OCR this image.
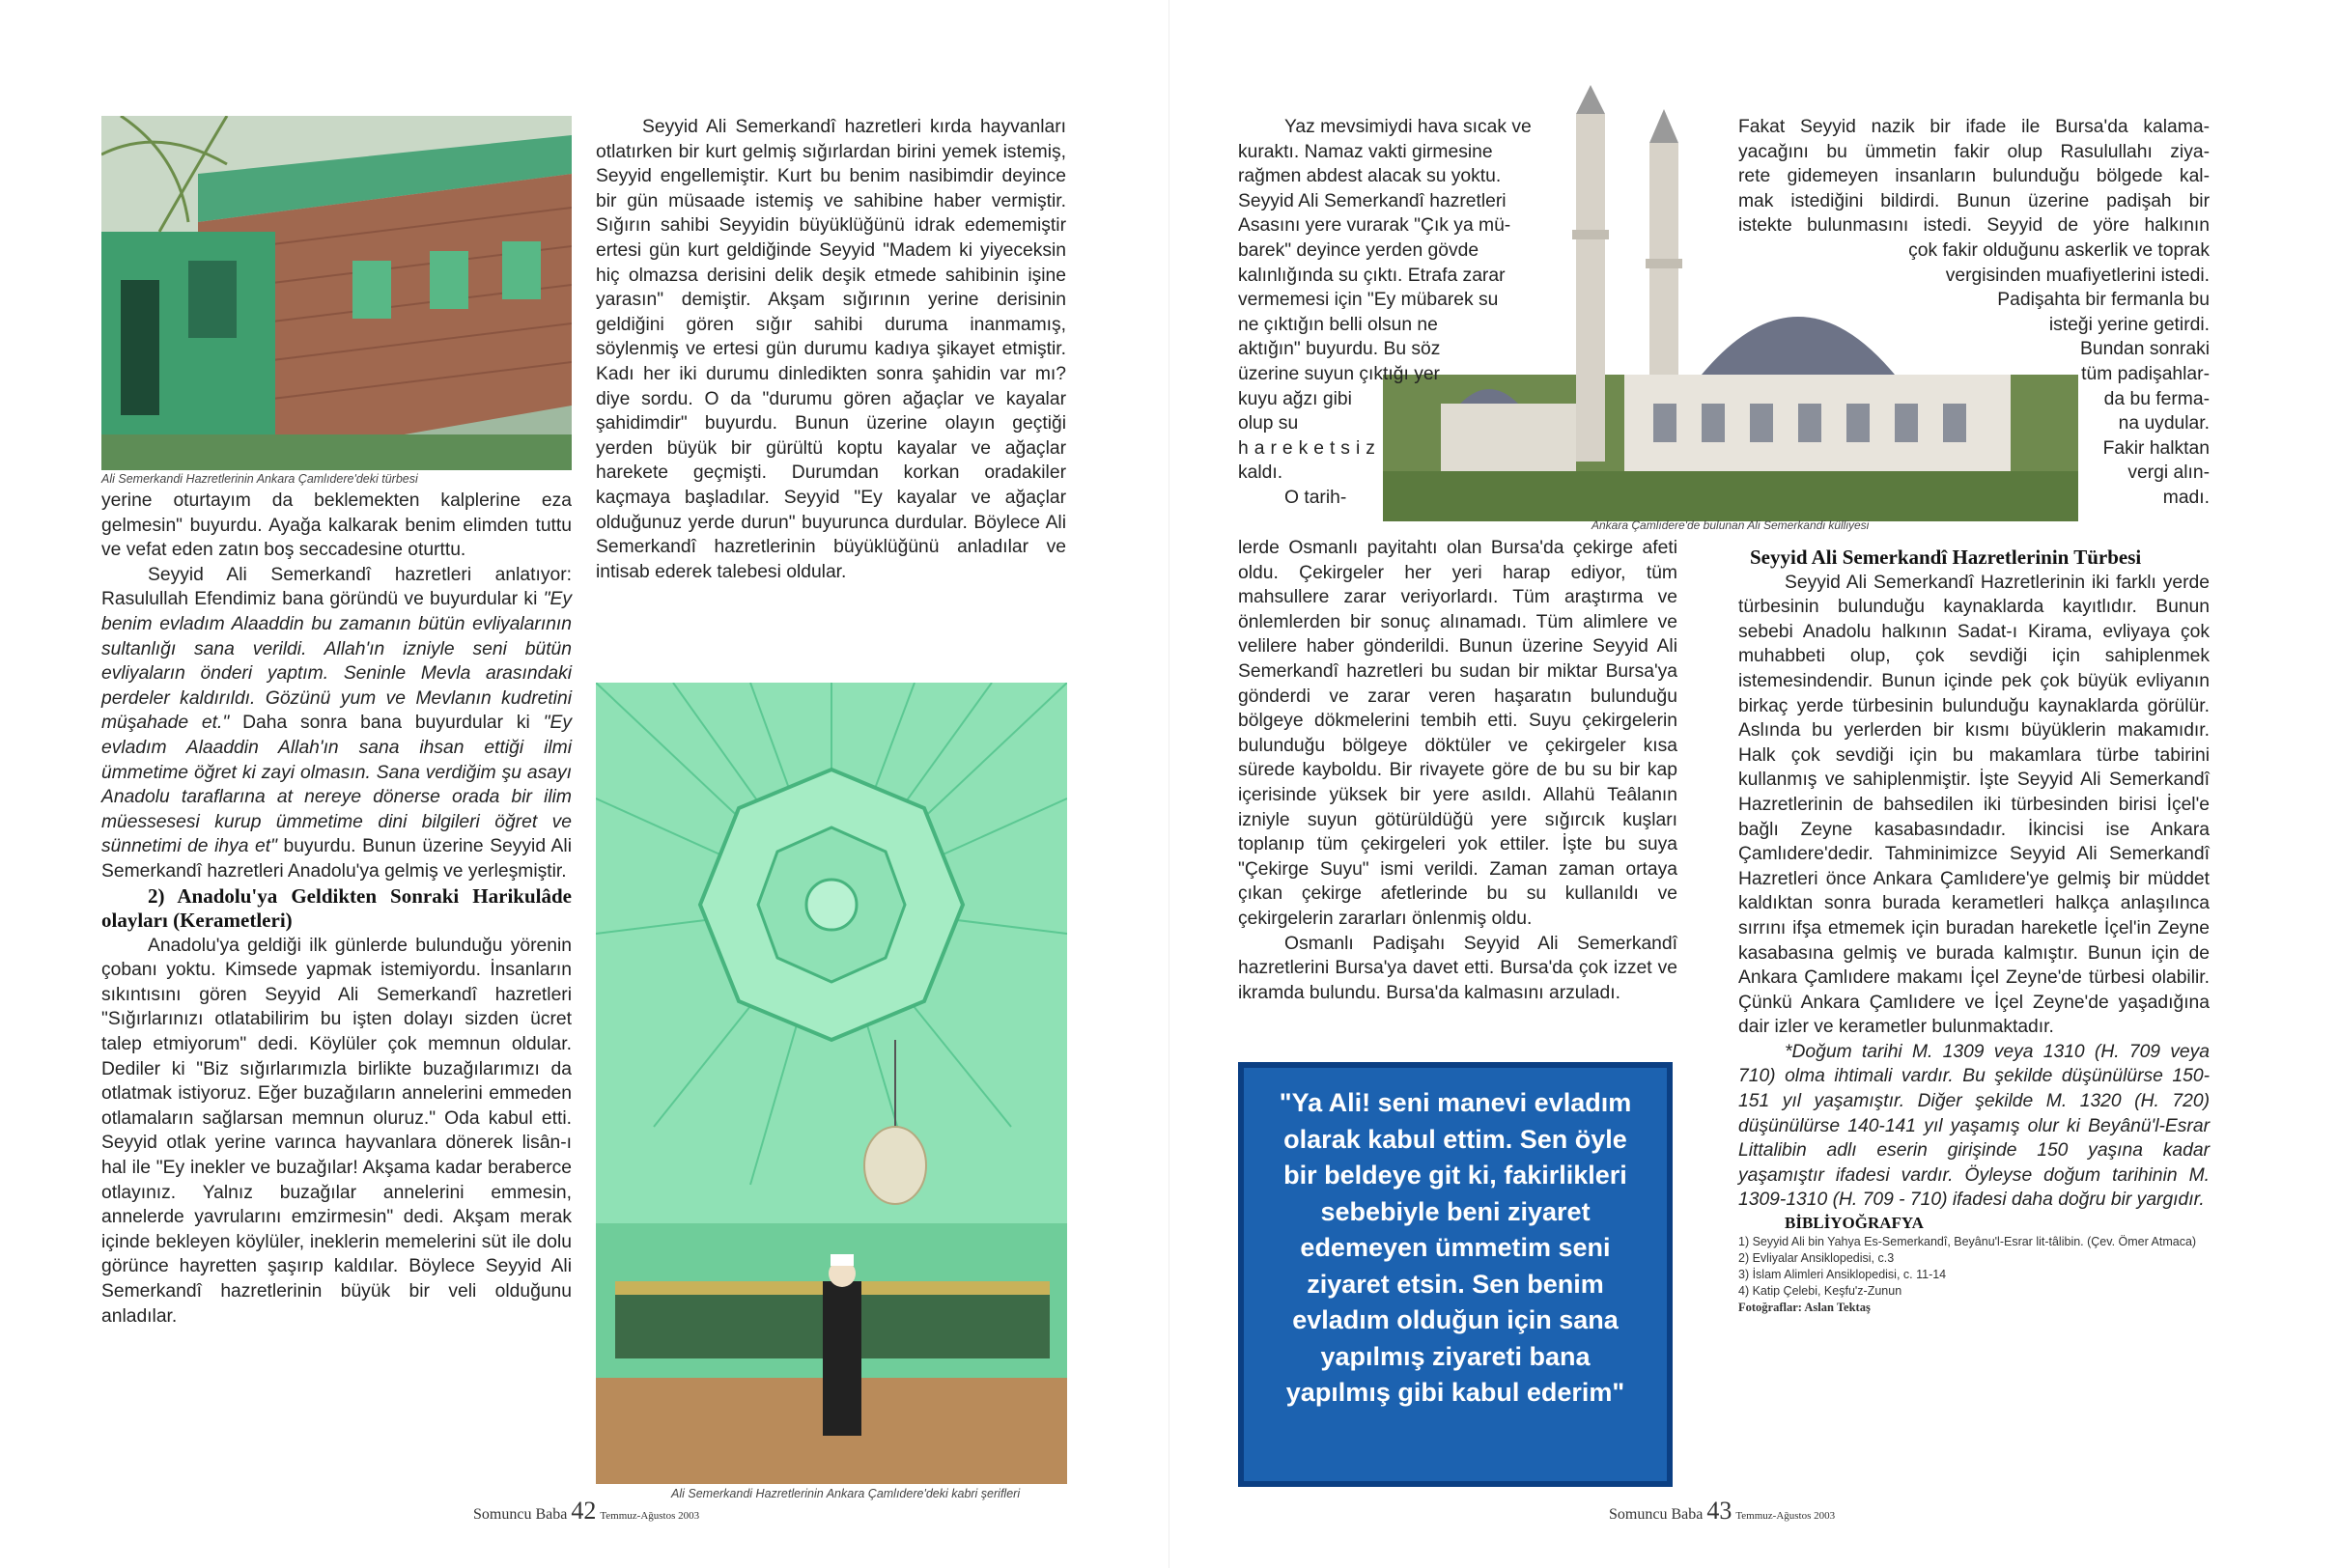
Ali Semerkandi Hazretlerinin Ankara Çamlıdere'deki türbesi

yerine oturtayım da beklemekten kalplerine eza gelmesin" buyurdu. Ayağa kalkarak benim elimden tuttu ve vefat eden zatın boş seccadesine oturttu.

Seyyid Ali Semerkandî hazretleri anlatıyor: Rasulullah Efendimiz bana göründü ve buyurdular ki "Ey benim evladım Alaaddin bu zamanın bütün evliyalarının sultanlığı sana verildi. Allah'ın izniyle seni bütün evliyaların önderi yaptım. Seninle Mevla arasındaki perdeler kaldırıldı. Gözünü yum ve Mevlanın kudretini müşahade et." Daha sonra bana buyurdular ki "Ey evladım Alaaddin Allah'ın sana ihsan ettiği ilmi ümmetime öğret ki zayi olmasın. Sana verdiğim şu asayı Anadolu taraflarına at nereye dönerse orada bir ilim müessesesi kurup ümmetime dini bilgileri öğret ve sünnetimi de ihya et" buyurdu. Bunun üzerine Seyyid Ali Semerkandî hazretleri Anadolu'ya gelmiş ve yerleşmiştir.

2) Anadolu'ya Geldikten Sonraki Harikulâde olayları (Kerametleri)

Anadolu'ya geldiği ilk günlerde bulunduğu yörenin çobanı yoktu. Kimsede yapmak istemiyordu. İnsanların sıkıntısını gören Seyyid Ali Semerkandî hazretleri "Sığırlarınızı otlatabilirim bu işten dolayı sizden ücret talep etmiyorum" dedi. Köylüler çok memnun oldular. Dediler ki "Biz sığırlarımızla birlikte buzağılarımızı da otlatmak istiyoruz. Eğer buzağıların annelerini emmeden otlamaların sağlarsan memnun oluruz." Oda kabul etti. Seyyid otlak yerine varınca hayvanlara dönerek lisân-ı hal ile "Ey inekler ve buzağılar! Akşama kadar beraberce otlayınız. Yalnız buzağılar annelerini emmesin, annelerde yavrularını emzirmesin" dedi. Akşam merak içinde bekleyen köylüler, ineklerin memelerini süt ile dolu görünce hayretten şaşırıp kaldılar. Böylece Seyyid Ali Semerkandî hazretlerinin büyük bir veli olduğunu anladılar.

Seyyid Ali Semerkandî hazretleri kırda hayvanları otlatırken bir kurt gelmiş sığırlardan birini yemek istemiş, Seyyid engellemiştir. Kurt bu benim nasibimdir deyince bir gün müsaade istemiş ve sahibine haber vermiştir. Sığırın sahibi Seyyidin büyüklüğünü idrak edememiştir ertesi gün kurt geldiğinde Seyyid "Madem ki yiyeceksin hiç olmazsa derisini delik deşik etmede sahibinin işine yarasın" demiştir. Akşam sığırının yerine derisinin geldiğini gören sığır sahibi duruma inanmamış, söylenmiş ve ertesi gün durumu kadıya şikayet etmiştir. Kadı her iki durumu dinledikten sonra şahidin var mı? diye sordu. O da "durumu gören ağaçlar ve kayalar şahidimdir" buyurdu. Bunun üzerine olayın geçtiği yerden büyük bir gürültü koptu kayalar ve ağaçlar harekete geçmişti. Durumdan korkan oradakiler kaçmaya başladılar. Seyyid "Ey kayalar ve ağaçlar olduğunuz yerde durun" buyurunca durdular. Böylece Ali Semerkandî hazretlerinin büyüklüğünü anladılar ve intisab ederek talebesi oldular.

Ali Semerkandi Hazretlerinin Ankara Çamlıdere'deki kabri şerifleri
Somuncu Baba 42 Temmuz-Ağustos 2003
Ankara Çamlıdere'de bulunan Ali Semerkandi külliyesi
Yaz mevsimiydi hava sıcak ve
kuraktı. Namaz vakti girmesine
rağmen abdest alacak su yoktu.
Seyyid Ali Semerkandî hazretleri
Asasını yere vurarak "Çık ya mü-
barek" deyince yerden gövde
kalınlığında su çıktı. Etrafa zarar
vermemesi için "Ey mübarek su
ne çıktığın belli olsun ne
aktığın" buyurdu. Bu söz
üzerine suyun çıktığı yer
kuyu ağzı gibi
olup su
hareketsiz
kaldı.
O tarih-

lerde Osmanlı payitahtı olan Bursa'da çekirge afeti oldu. Çekirgeler her yeri harap ediyor, tüm mahsullere zarar veriyorlardı. Tüm araştırma ve önlemlerden bir sonuç alınamadı. Tüm alimlere ve velilere haber gönderildi. Bunun üzerine Seyyid Ali Semerkandî hazretleri bu sudan bir miktar Bursa'ya gönderdi ve zarar veren haşaratın bulunduğu bölgeye dökmelerini tembih etti. Suyu çekirgelerin bulunduğu bölgeye döktüler ve çekirgeler kısa sürede kayboldu. Bir rivayete göre de bu su bir kap içerisinde yüksek bir yere asıldı. Allahü Teâlanın izniyle suyun götürüldüğü yere sığırcık kuşları toplanıp tüm çekirgeleri yok ettiler. İşte bu suya "Çekirge Suyu" ismi verildi. Zaman zaman ortaya çıkan çekirge afetlerinde bu su kullanıldı ve çekirgelerin zararları önlenmiş oldu.

Osmanlı Padişahı Seyyid Ali Semerkandî hazretlerini Bursa'ya davet etti. Bursa'da çok izzet ve ikramda bulundu. Bursa'da kalmasını arzuladı.

"Ya Ali! seni manevi evladım olarak kabul ettim. Sen öyle bir beldeye git ki, fakirlikleri sebebiyle beni ziyaret edemeyen ümmetim seni ziyaret etsin. Sen benim evladım olduğun için sana yapılmış ziyareti bana yapılmış gibi kabul ederim"
Fakat Seyyid nazik bir ifade ile Bursa'da kalama-
yacağını bu ümmetin fakir olup Rasulullahı ziya-
rete gidemeyen insanların bulunduğu bölgede kal-
mak istediğini bildirdi. Bunun üzerine padişah bir
istekte bulunmasını istedi. Seyyid de yöre halkının
çok fakir olduğunu askerlik ve toprak
vergisinden muafiyetlerini istedi.
Padişahta bir fermanla bu
isteği yerine getirdi.
Bundan sonraki
tüm padişahlar-
da bu ferma-
na uydular.
Fakir halktan
vergi alın-
madı.

Seyyid Ali Semerkandî Hazretlerinin Türbesi

Seyyid Ali Semerkandî Hazretlerinin iki farklı yerde türbesinin bulunduğu kaynaklarda kayıtlıdır. Bunun sebebi Anadolu halkının Sadat-ı Kirama, evliyaya çok muhabbeti olup, çok sevdiği için sahiplenmek istemesindendir. Bunun içinde pek çok büyük evliyanın birkaç yerde türbesinin bulunduğu kaynaklarda görülür. Aslında bu yerlerden bir kısmı büyüklerin makamıdır. Halk çok sevdiği için bu makamlara türbe tabirini kullanmış ve sahiplenmiştir. İşte Seyyid Ali Semerkandî Hazretlerinin de bahsedilen iki türbesinden birisi İçel'e bağlı Zeyne kasabasındadır. İkincisi ise Ankara Çamlıdere'dedir. Tahminimizce Seyyid Ali Semerkandî Hazretleri önce Ankara Çamlıdere'ye gelmiş bir müddet kaldıktan sonra burada kerametleri halkça anlaşılınca sırrını ifşa etmemek için buradan hareketle İçel'in Zeyne kasabasına gelmiş ve burada kalmıştır. Bunun için de Ankara Çamlıdere makamı İçel Zeyne'de türbesi olabilir. Çünkü Ankara Çamlıdere ve İçel Zeyne'de yaşadığına dair izler ve kerametler bulunmaktadır.

*Doğum tarihi M. 1309 veya 1310 (H. 709 veya 710) olma ihtimali vardır. Bu şekilde düşünülürse 150-151 yıl yaşamıştır. Diğer şekilde M. 1320 (H. 720) düşünülürse 140-141 yıl yaşamış olur ki Beyânü'l-Esrar Littalibin adlı eserin girişinde 150 yaşına kadar yaşamıştır ifadesi vardır. Öyleyse doğum tarihinin M. 1309-1310 (H. 709 - 710) ifadesi daha doğru bir yargıdır.

BİBLİYOĞRAFYA

1) Seyyid Ali bin Yahya Es-Semerkandî, Beyânu'l-Esrar lit-tâlibin. (Çev. Ömer Atmaca)
2) Evliyalar Ansiklopedisi, c.3
3) İslam Alimleri Ansiklopedisi, c. 11-14
4) Katip Çelebi, Keşfu'z-Zunun
Fotoğraflar: Aslan Tektaş
Somuncu Baba 43 Temmuz-Ağustos 2003
